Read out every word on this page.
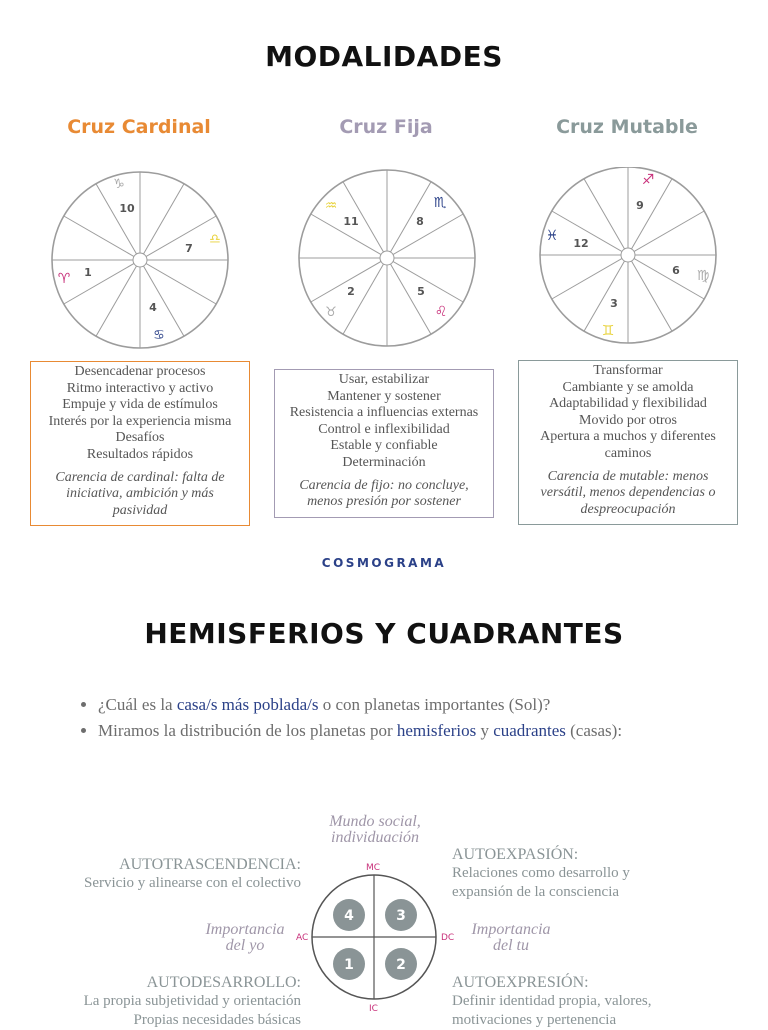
MODALIDADES
Cruz Cardinal	Cruz Fija	Cruz Mutable
10
7
1
4
♑
♎
♈
♋
11	8
2	5
♒	♏
♉	♌
9
12
6
3
♐
♓
♍
♊
Desencadenar procesos
Ritmo interactivo y activo
Empuje y vida de estímulos
Interés por la experiencia misma
Desafíos
Resultados rápidos
Carencia de cardinal: falta de iniciativa, ambición y más pasividad
Usar, estabilizar
Mantener y sostener
Resistencia a influencias externas
Control e inflexibilidad
Estable y confiable
Determinación
Carencia de fijo: no concluye, menos presión por sostener
Transformar
Cambiante y se amolda
Adaptabilidad y flexibilidad
Movido por otros
Apertura a muchos y diferentes
caminos
Carencia de mutable: menos versátil, menos dependencias o despreocupación
COSMOGRAMA
HEMISFERIOS Y CUADRANTES
• ¿Cuál es la casa/s más poblada/s o con planetas importantes (Sol)?
• Miramos la distribución de los planetas por hemisferios y cuadrantes (casas):
Mundo social, individuación
Importancia del yo
Importancia del tu
4	3
1	2
MC
AC	DC
IC
AUTOTRASCENDENCIA:
Servicio y alinearse con el colectivo
AUTOEXPASIÓN:
Relaciones como desarrollo y
expansión de la consciencia
AUTODESARROLLO:
La propia subjetividad y orientación
Propias necesidades básicas
AUTOEXPRESIÓN:
Definir identidad propia, valores,
motivaciones y pertenencia
